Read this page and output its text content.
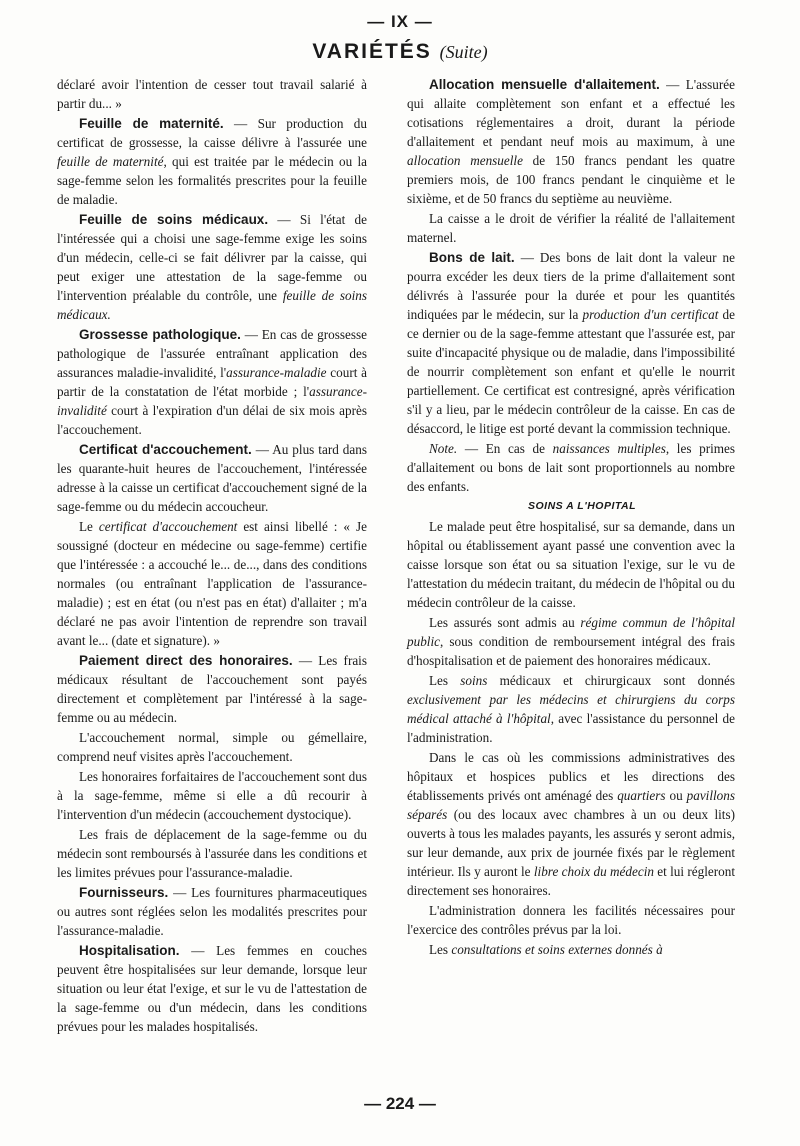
— IX —
VARIÉTÉS (Suite)

déclaré avoir l'intention de cesser tout travail salarié à partir du... »

Feuille de maternité. — Sur production du certificat de grossesse, la caisse délivre à l'assurée une feuille de maternité, qui est traitée par le médecin ou la sage-femme selon les formalités prescrites pour la feuille de maladie.

Feuille de soins médicaux. — Si l'état de l'intéressée qui a choisi une sage-femme exige les soins d'un médecin, celle-ci se fait délivrer par la caisse, qui peut exiger une attestation de la sage-femme ou l'intervention préalable du contrôle, une feuille de soins médicaux.

Grossesse pathologique. — En cas de grossesse pathologique de l'assurée entraînant application des assurances maladie-invalidité, l'assurance-maladie court à partir de la constatation de l'état morbide ; l'assurance-invalidité court à l'expiration d'un délai de six mois après l'accouchement.

Certificat d'accouchement. — Au plus tard dans les quarante-huit heures de l'accouchement, l'intéressée adresse à la caisse un certificat d'accouchement signé de la sage-femme ou du médecin accoucheur.

Le certificat d'accouchement est ainsi libellé : « Je soussigné (docteur en médecine ou sage-femme) certifie que l'intéressée : a accouché le... de..., dans des conditions normales (ou entraînant l'application de l'assurance-maladie) ; est en état (ou n'est pas en état) d'allaiter ; m'a déclaré ne pas avoir l'intention de reprendre son travail avant le... (date et signature). »

Paiement direct des honoraires. — Les frais médicaux résultant de l'accouchement sont payés directement et complètement par l'intéressé à la sage-femme ou au médecin.

L'accouchement normal, simple ou gémellaire, comprend neuf visites après l'accouchement.

Les honoraires forfaitaires de l'accouchement sont dus à la sage-femme, même si elle a dû recourir à l'intervention d'un médecin (accouchement dystocique).

Les frais de déplacement de la sage-femme ou du médecin sont remboursés à l'assurée dans les conditions et les limites prévues pour l'assurance-maladie.

Fournisseurs. — Les fournitures pharmaceutiques ou autres sont réglées selon les modalités prescrites pour l'assurance-maladie.

Hospitalisation. — Les femmes en couches peuvent être hospitalisées sur leur demande, lorsque leur situation ou leur état l'exige, et sur le vu de l'attestation de la sage-femme ou d'un médecin, dans les conditions prévues pour les malades hospitalisés.

Allocation mensuelle d'allaitement. — L'assurée qui allaite complètement son enfant et a effectué les cotisations réglementaires a droit, durant la période d'allaitement et pendant neuf mois au maximum, à une allocation mensuelle de 150 francs pendant les quatre premiers mois, de 100 francs pendant le cinquième et le sixième, et de 50 francs du septième au neuvième.

La caisse a le droit de vérifier la réalité de l'allaitement maternel.

Bons de lait. — Des bons de lait dont la valeur ne pourra excéder les deux tiers de la prime d'allaitement sont délivrés à l'assurée pour la durée et pour les quantités indiquées par le médecin, sur la production d'un certificat de ce dernier ou de la sage-femme attestant que l'assurée est, par suite d'incapacité physique ou de maladie, dans l'impossibilité de nourrir complètement son enfant et qu'elle le nourrit partiellement. Ce certificat est contresigné, après vérification s'il y a lieu, par le médecin contrôleur de la caisse. En cas de désaccord, le litige est porté devant la commission technique.

Note. — En cas de naissances multiples, les primes d'allaitement ou bons de lait sont proportionnels au nombre des enfants.

SOINS A L'HOPITAL

Le malade peut être hospitalisé, sur sa demande, dans un hôpital ou établissement ayant passé une convention avec la caisse lorsque son état ou sa situation l'exige, sur le vu de l'attestation du médecin traitant, du médecin de l'hôpital ou du médecin contrôleur de la caisse.

Les assurés sont admis au régime commun de l'hôpital public, sous condition de remboursement intégral des frais d'hospitalisation et de paiement des honoraires médicaux.

Les soins médicaux et chirurgicaux sont donnés exclusivement par les médecins et chirurgiens du corps médical attaché à l'hôpital, avec l'assistance du personnel de l'administration.

Dans le cas où les commissions administratives des hôpitaux et hospices publics et les directions des établissements privés ont aménagé des quartiers ou pavillons séparés (ou des locaux avec chambres à un ou deux lits) ouverts à tous les malades payants, les assurés y seront admis, sur leur demande, aux prix de journée fixés par le règlement intérieur. Ils y auront le libre choix du médecin et lui régleront directement ses honoraires.

L'administration donnera les facilités nécessaires pour l'exercice des contrôles prévus par la loi.

Les consultations et soins externes donnés à

— 224 —
